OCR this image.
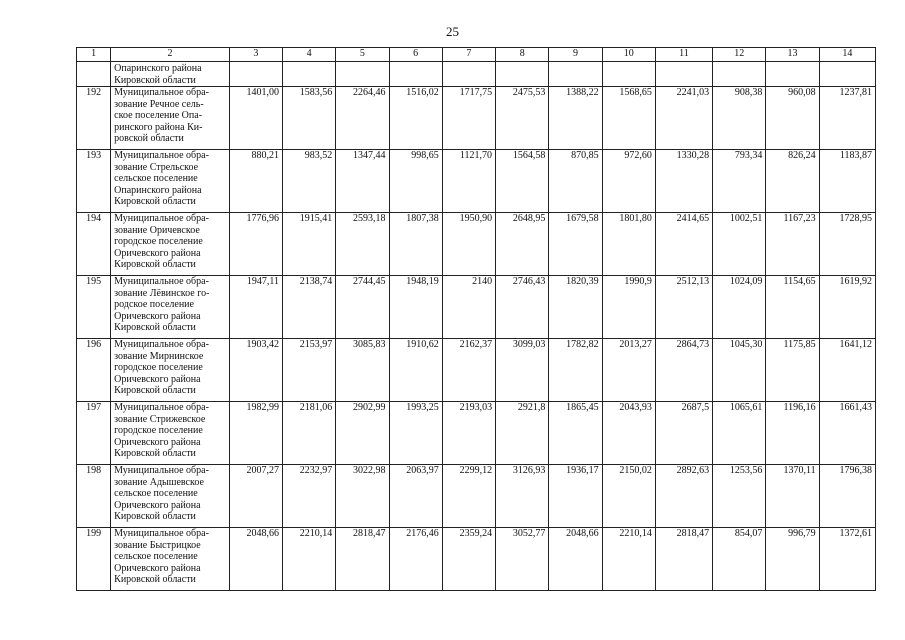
25
1	2	3	4	5	6	7	8	9	10	11	12	13	14

	Опаринского района
Кировской области												

192	Муниципальное обра-
зование Речное сель-
ское поселение Опа-
ринского района Ки-
ровской области	1401,00	1583,56	2264,46	1516,02	1717,75	2475,53	1388,22	1568,65	2241,03	908,38	960,08	1237,81
193	Муниципальное обра-
зование Стрельское
сельское поселение
Опаринского района
Кировской области	880,21	983,52	1347,44	998,65	1121,70	1564,58	870,85	972,60	1330,28	793,34	826,24	1183,87
194	Муниципальное обра-
зование Оричевское
городское поселение
Оричевского района
Кировской области	1776,96	1915,41	2593,18	1807,38	1950,90	2648,95	1679,58	1801,80	2414,65	1002,51	1167,23	1728,95
195	Муниципальное обра-
зование Лёвинское го-
родское поселение
Оричевского района
Кировской области	1947,11	2138,74	2744,45	1948,19	2140	2746,43	1820,39	1990,9	2512,13	1024,09	1154,65	1619,92
196	Муниципальное обра-
зование Мирнинское
городское поселение
Оричевского района
Кировской области	1903,42	2153,97	3085,83	1910,62	2162,37	3099,03	1782,82	2013,27	2864,73	1045,30	1175,85	1641,12
197	Муниципальное обра-
зование Стрижевское
городское поселение
Оричевского района
Кировской области	1982,99	2181,06	2902,99	1993,25	2193,03	2921,8	1865,45	2043,93	2687,5	1065,61	1196,16	1661,43
198	Муниципальное обра-
зование Адышевское
сельское поселение
Оричевского района
Кировской области	2007,27	2232,97	3022,98	2063,97	2299,12	3126,93	1936,17	2150,02	2892,63	1253,56	1370,11	1796,38
199	Муниципальное обра-
зование Быстрицкое
сельское поселение
Оричевского района
Кировской области	2048,66	2210,14	2818,47	2176,46	2359,24	3052,77	2048,66	2210,14	2818,47	854,07	996,79	1372,61
